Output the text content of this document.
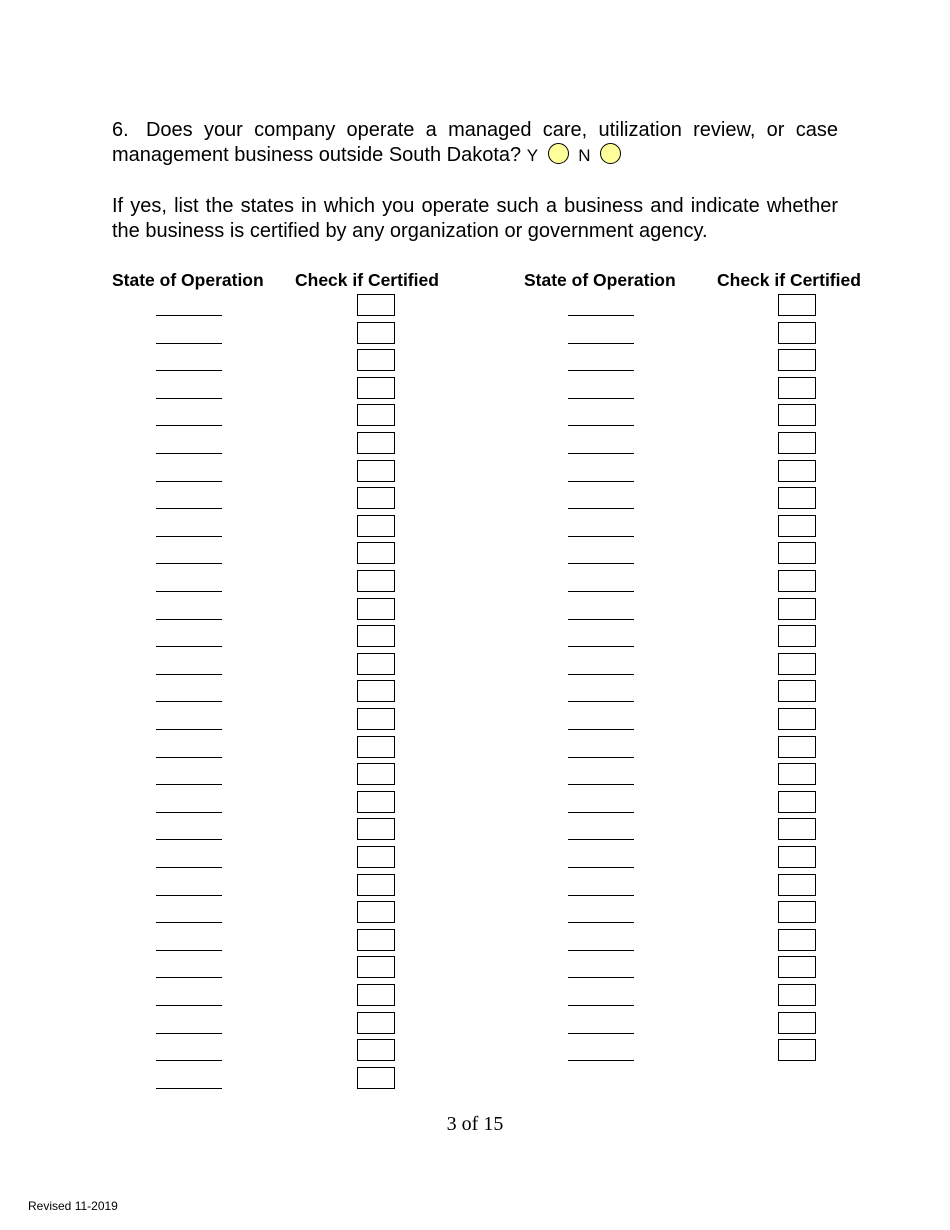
6. Does your company operate a managed care, utilization review, or case management business outside South Dakota? Y N
If yes, list the states in which you operate such a business and indicate whether the business is certified by any organization or government agency.
State of Operation Check if Certified	State of Operation Check if Certified
3 of 15
Revised 11-2019
